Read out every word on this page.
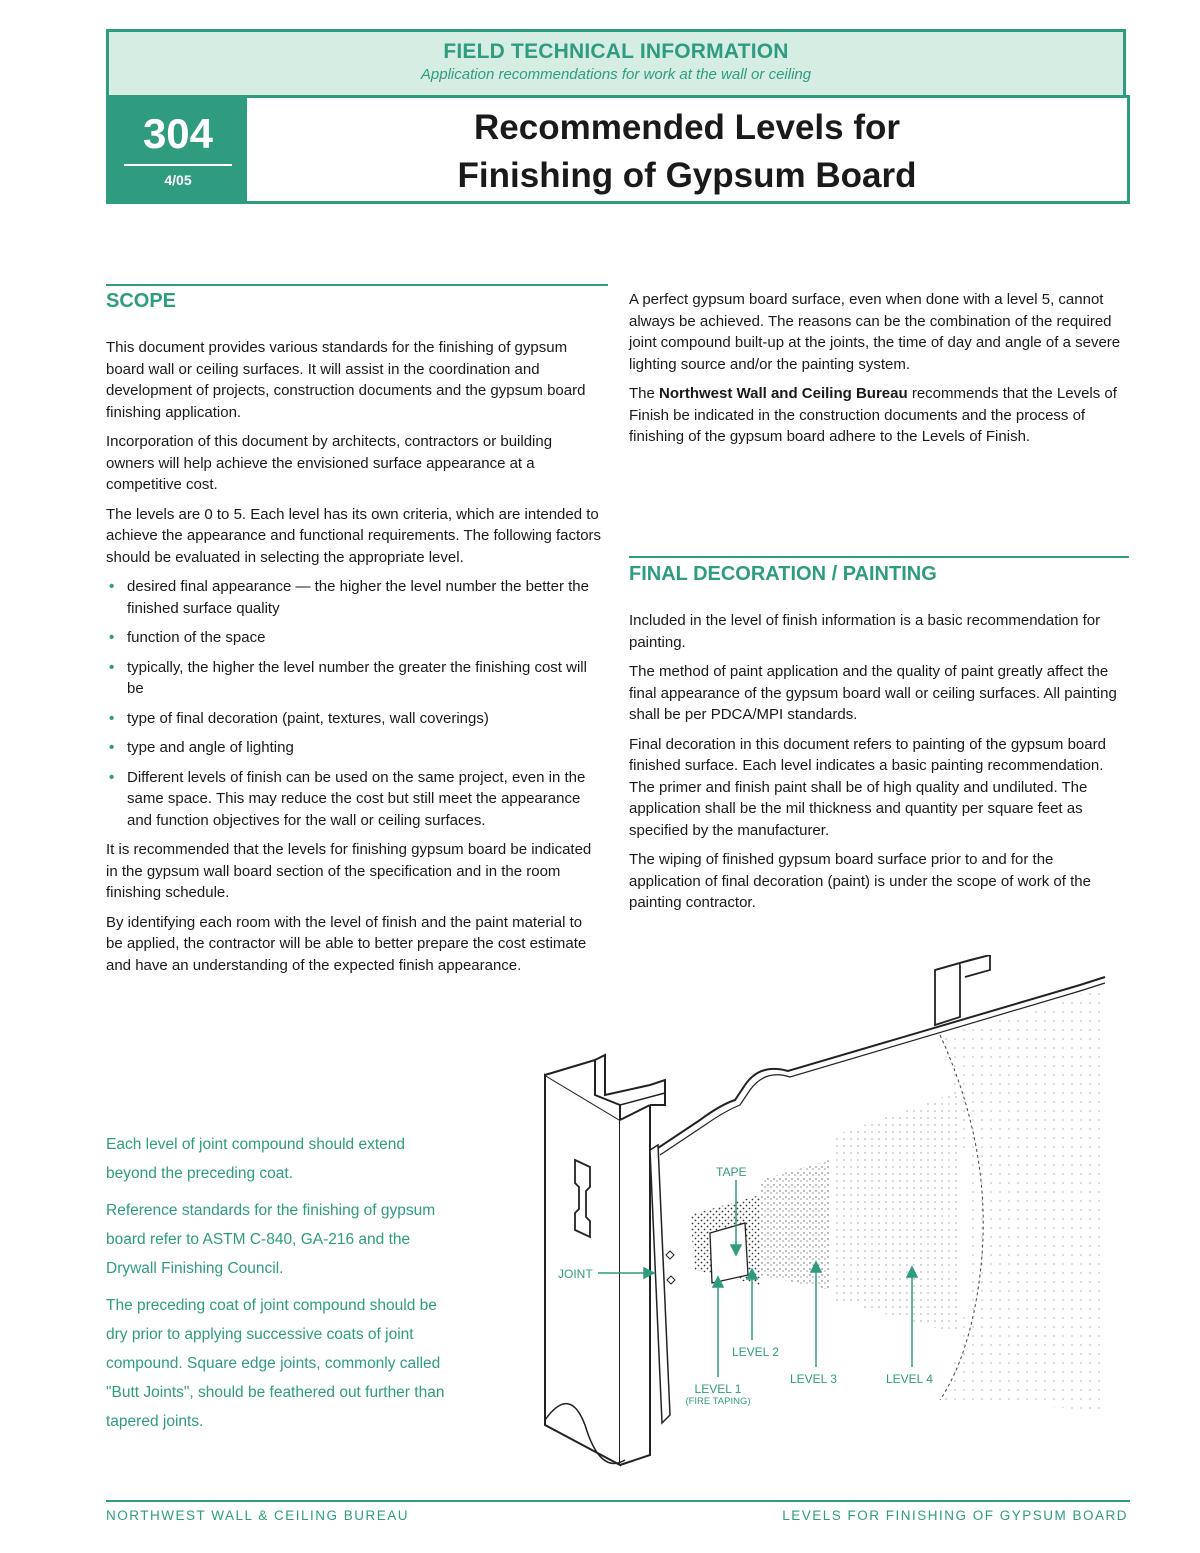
FIELD TECHNICAL INFORMATION
Application recommendations for work at the wall or ceiling
304
4/05
Recommended Levels for
Finishing of Gypsum Board
SCOPE

This document provides various standards for the finishing of gypsum board wall or ceiling surfaces. It will assist in the coordination and development of projects, construction documents and the gypsum board finishing application.

Incorporation of this document by architects, contractors or building owners will help achieve the envisioned surface appearance at a competitive cost.

The levels are 0 to 5. Each level has its own criteria, which are intended to achieve the appearance and functional requirements. The following factors should be evaluated in selecting the appropriate level.

• desired final appearance — the higher the level number the better the finished surface quality
• function of the space
• typically, the higher the level number the greater the finishing cost will be
• type of final decoration (paint, textures, wall coverings)
• type and angle of lighting
• Different levels of finish can be used on the same project, even in the same space. This may reduce the cost but still meet the appearance and function objectives for the wall or ceiling surfaces.

It is recommended that the levels for finishing gypsum board be indicated in the gypsum wall board section of the specification and in the room finishing schedule.

By identifying each room with the level of finish and the paint material to be applied, the contractor will be able to better prepare the cost estimate and have an understanding of the expected finish appearance.

A perfect gypsum board surface, even when done with a level 5, cannot always be achieved. The reasons can be the combination of the required joint compound built-up at the joints, the time of day and angle of a severe lighting source and/or the painting system.

The Northwest Wall and Ceiling Bureau recommends that the Levels of Finish be indicated in the construction documents and the process of finishing of the gypsum board adhere to the Levels of Finish.

FINAL DECORATION / PAINTING

Included in the level of finish information is a basic recommendation for painting.

The method of paint application and the quality of paint greatly affect the final appearance of the gypsum board wall or ceiling surfaces. All painting shall be per PDCA/MPI standards.

Final decoration in this document refers to painting of the gypsum board finished surface. Each level indicates a basic painting recommendation. The primer and finish paint shall be of high quality and undiluted. The application shall be the mil thickness and quantity per square feet as specified by the manufacturer.

The wiping of finished gypsum board surface prior to and for the application of final decoration (paint) is under the scope of work of the painting contractor.

Each level of joint compound should extend beyond the preceding coat.

Reference standards for the finishing of gypsum board refer to ASTM C-840, GA-216 and the Drywall Finishing Council.

The preceding coat of joint compound should be dry prior to applying successive coats of joint compound. Square edge joints, commonly called "Butt Joints", should be feathered out further than tapered joints.

TAPE
JOINT
LEVEL 1
(FIRE TAPING)
LEVEL 2
LEVEL 3	LEVEL 4
NORTHWEST WALL & CEILING BUREAU	LEVELS FOR FINISHING OF GYPSUM BOARD
